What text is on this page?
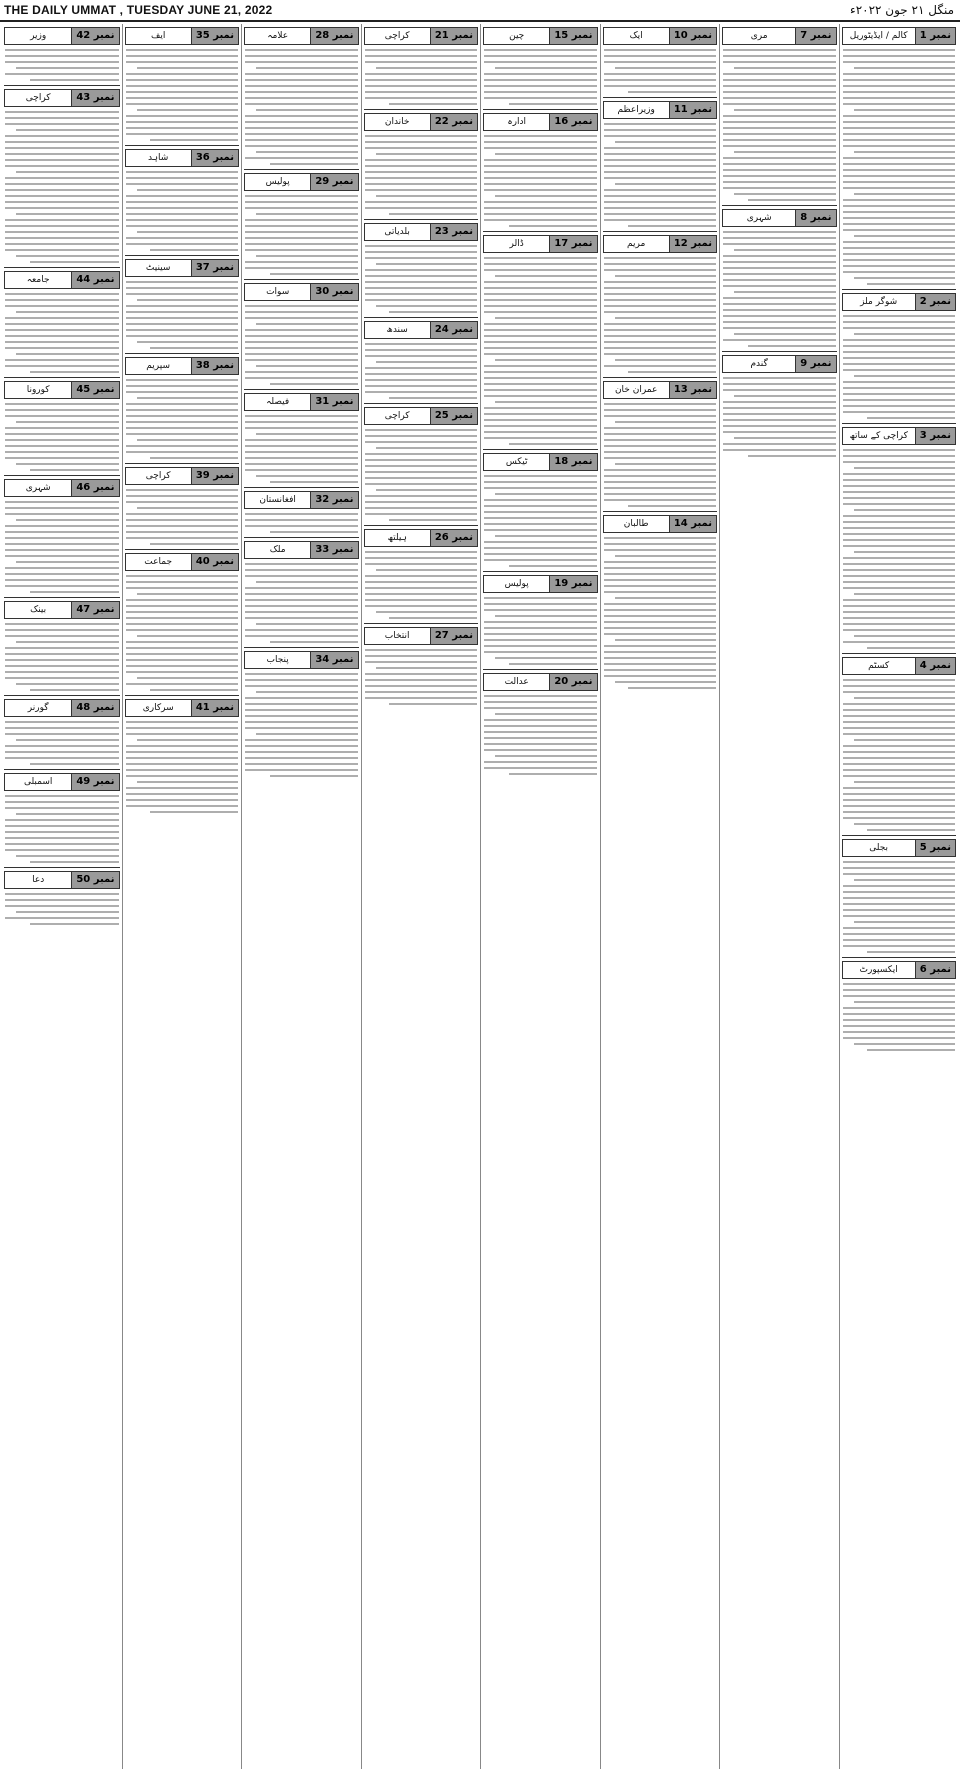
THE DAILY UMMAT , TUESDAY JUNE 21, 2022	منگل ۲۱ جون ۲۰۲۲ء
نمبر 1
کالم / ایڈیٹوریل
نمبر 2
شوگر ملز
نمبر 3
کراچی کے ساتھ
نمبر 4
کسٹم
نمبر 5
بجلی
نمبر 6
ایکسپورٹ
نمبر 7
مری
نمبر 8
شہری
نمبر 9
گندم
نمبر 10
ایک
نمبر 11
وزیراعظم
نمبر 12
مریم
نمبر 13
عمران خان
نمبر 14
طالبان
نمبر 15
چین
نمبر 16
ادارہ
نمبر 17
ڈالر
نمبر 18
ٹیکس
نمبر 19
پولیس
نمبر 20
عدالت
نمبر 21
کراچی
نمبر 22
خاندان
نمبر 23
بلدیاتی
نمبر 24
سندھ
نمبر 25
کراچی
نمبر 26
ہیلتھ
نمبر 27
انتخاب
نمبر 28
علامہ
نمبر 29
پولیس
نمبر 30
سوات
نمبر 31
فیصلہ
نمبر 32
افغانستان
نمبر 33
ملک
نمبر 34
پنجاب
نمبر 35
ایف
نمبر 36
شاہد
نمبر 37
سینیٹ
نمبر 38
سپریم
نمبر 39
کراچی
نمبر 40
جماعت
نمبر 41
سرکاری
نمبر 42
وزیر
نمبر 43
کراچی
نمبر 44
جامعہ
نمبر 45
کورونا
نمبر 46
شہری
نمبر 47
بینک
نمبر 48
گورنر
نمبر 49
اسمبلی
نمبر 50
دعا
